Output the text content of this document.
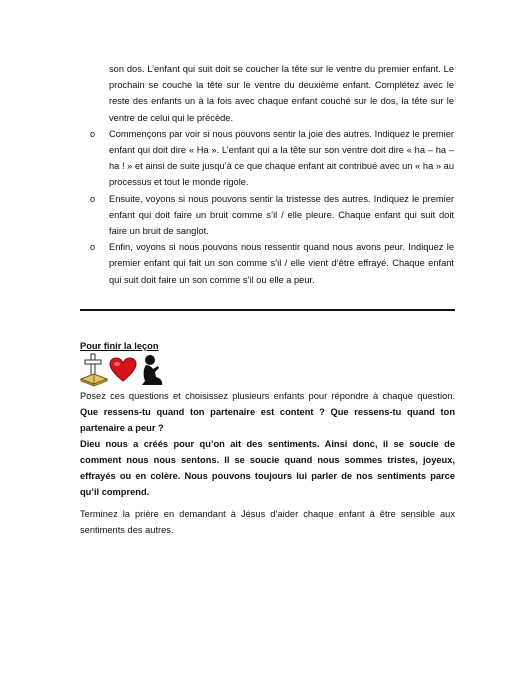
son dos. L’enfant qui suit doit se coucher la tête sur le ventre du premier enfant. Le prochain se couche la tête sur le ventre du deuxième enfant. Complétez avec le reste des enfants un à la fois avec chaque enfant couché sur le dos, la tête sur le ventre de celui qui le précède.

o Commençons par voir si nous pouvons sentir la joie des autres. Indiquez le premier enfant qui doit dire « Ha ». L’enfant qui a la tête sur son ventre doit dire « ha – ha – ha ! » et ainsi de suite jusqu’à ce que chaque enfant ait contribué avec un « ha » au processus et tout le monde rigole.

o Ensuite, voyons si nous pouvons sentir la tristesse des autres. Indiquez le premier enfant qui doit faire un bruit comme s’il / elle pleure. Chaque enfant qui suit doit faire un bruit de sanglot.

o Enfin, voyons si nous pouvons nous ressentir quand nous avons peur. Indiquez le premier enfant qui fait un son comme s’il / elle vient d’être effrayé. Chaque enfant qui suit doit faire un son comme s’il ou elle a peur.

Pour finir la leçon

Posez ces questions et choisissez plusieurs enfants pour répondre à chaque question. Que ressens-tu quand ton partenaire est content ? Que ressens-tu quand ton partenaire a peur ?

Dieu nous a créés pour qu’on ait des sentiments. Ainsi donc, il se soucie de comment nous nous sentons. Il se soucie quand nous sommes tristes, joyeux, effrayés ou en colère. Nous pouvons toujours lui parler de nos sentiments parce qu’il comprend.

Terminez la prière en demandant à Jésus d’aider chaque enfant à être sensible aux sentiments des autres.
